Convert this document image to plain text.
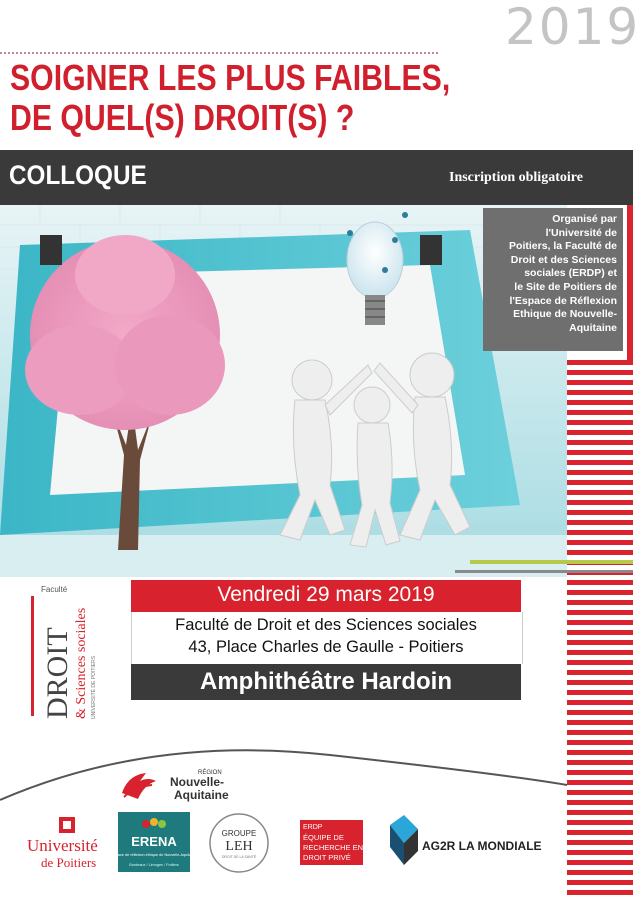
2019
SOIGNER LES PLUS FAIBLES,
DE QUEL(S) DROIT(S) ?
COLLOQUE	Inscription obligatoire
Organisé par
l'Université de
Poitiers, la Faculté de
Droit et des Sciences
sociales (ERDP) et
le Site de Poitiers de
l'Espace de Réflexion
Ethique de Nouvelle-
Aquitaine
Faculté
DROIT & Sciences sociales UNIVERSITÉ DE POITIERS
Vendredi 29 mars 2019
Faculté de Droit et des Sciences sociales
43, Place Charles de Gaulle - Poitiers
Amphithéâtre Hardoin
RÉGION
Nouvelle-
Aquitaine
Université
de Poitiers
ERENA
espace de réflexion éthique de Nouvelle-Aquitaine
Bordeaux / Limoges / Poitiers
GROUPE
LEH
DROIT DE LA SANTÉ
ERDP
ÉQUIPE DE
RECHERCHE EN
DROIT PRIVÉ
AG2R LA MONDIALE
